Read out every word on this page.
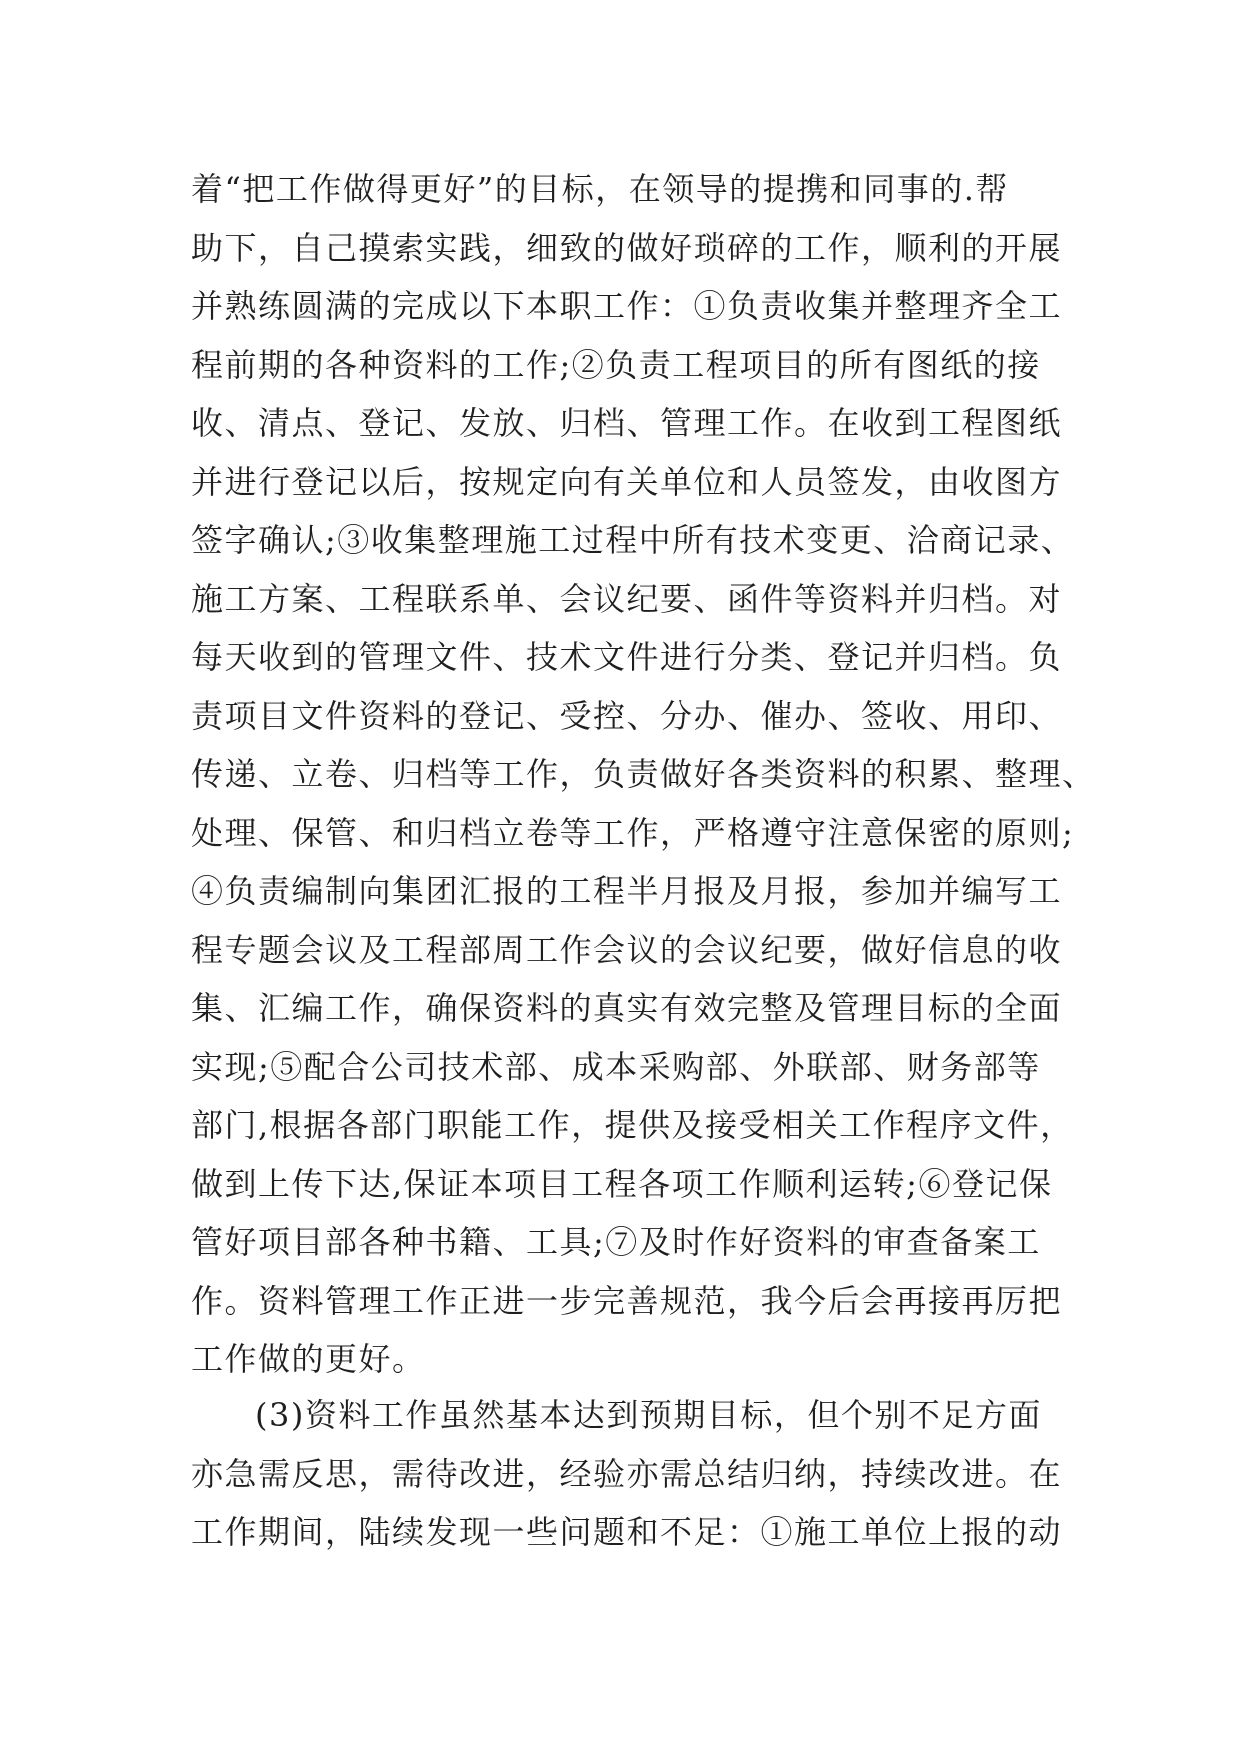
着“把工作做得更好”的目标，在领导的提携和同事的.帮
助下，自己摸索实践，细致的做好琐碎的工作，顺利的开展
并熟练圆满的完成以下本职工作：①负责收集并整理齐全工
程前期的各种资料的工作;②负责工程项目的所有图纸的接
收、清点、登记、发放、归档、管理工作。在收到工程图纸
并进行登记以后，按规定向有关单位和人员签发，由收图方
签字确认;③收集整理施工过程中所有技术变更、洽商记录、
施工方案、工程联系单、会议纪要、函件等资料并归档。对
每天收到的管理文件、技术文件进行分类、登记并归档。负
责项目文件资料的登记、受控、分办、催办、签收、用印、
传递、立卷、归档等工作，负责做好各类资料的积累、整理、
处理、保管、和归档立卷等工作，严格遵守注意保密的原则;
④负责编制向集团汇报的工程半月报及月报，参加并编写工
程专题会议及工程部周工作会议的会议纪要，做好信息的收
集、汇编工作，确保资料的真实有效完整及管理目标的全面
实现;⑤配合公司技术部、成本采购部、外联部、财务部等
部门,根据各部门职能工作，提供及接受相关工作程序文件，
做到上传下达,保证本项目工程各项工作顺利运转;⑥登记保
管好项目部各种书籍、工具;⑦及时作好资料的审查备案工
作。资料管理工作正进一步完善规范，我今后会再接再厉把
工作做的更好。
(3)资料工作虽然基本达到预期目标，但个别不足方面
亦急需反思，需待改进，经验亦需总结归纳，持续改进。在
工作期间，陆续发现一些问题和不足：①施工单位上报的动
